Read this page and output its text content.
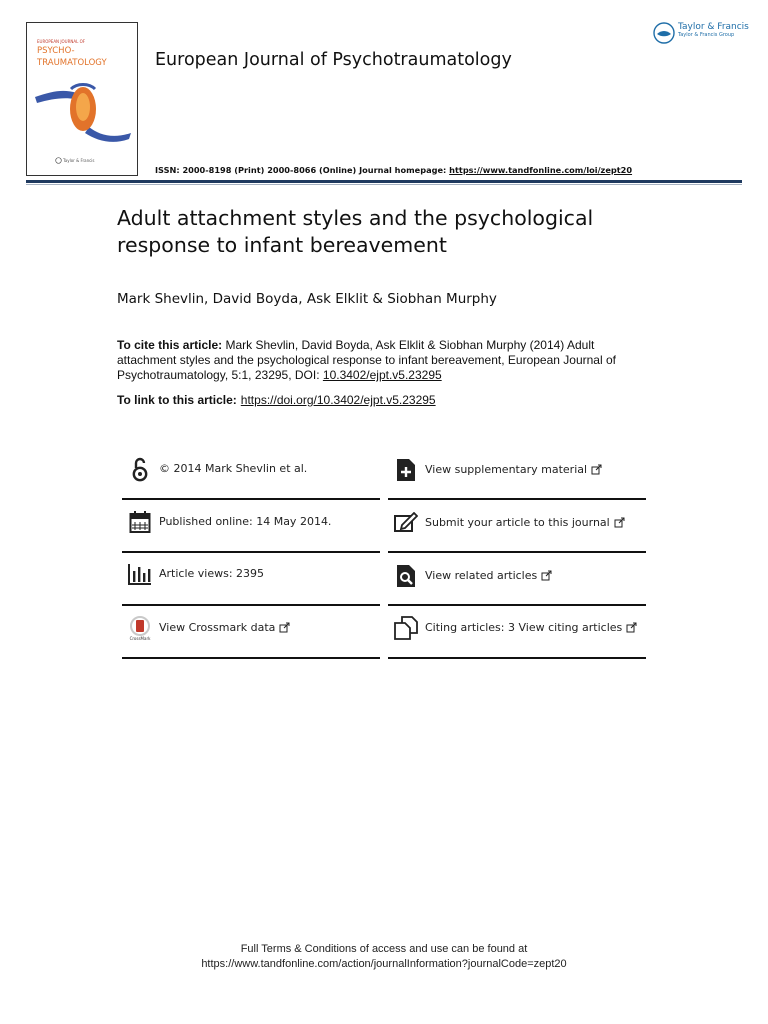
EUROPEAN JOURNAL OF
PSYCHO-
TRAUMATOLOGY
Taylor & Francis
European Journal of Psychotraumatology
Taylor & Francis
Taylor & Francis Group
ISSN: 2000-8198 (Print) 2000-8066 (Online) Journal homepage: https://www.tandfonline.com/loi/zept20
Adult attachment styles and the psychological response to infant bereavement
Mark Shevlin, David Boyda, Ask Elklit & Siobhan Murphy
To cite this article: Mark Shevlin, David Boyda, Ask Elklit & Siobhan Murphy (2014) Adult attachment styles and the psychological response to infant bereavement, European Journal of Psychotraumatology, 5:1, 23295, DOI: 10.3402/ejpt.v5.23295
To link to this article: https://doi.org/10.3402/ejpt.v5.23295
© 2014 Mark Shevlin et al.
Published online: 14 May 2014.
Article views: 2395
CrossMark
View Crossmark data
View supplementary material
Submit your article to this journal
View related articles
Citing articles: 3 View citing articles
Full Terms & Conditions of access and use can be found at
https://www.tandfonline.com/action/journalInformation?journalCode=zept20
